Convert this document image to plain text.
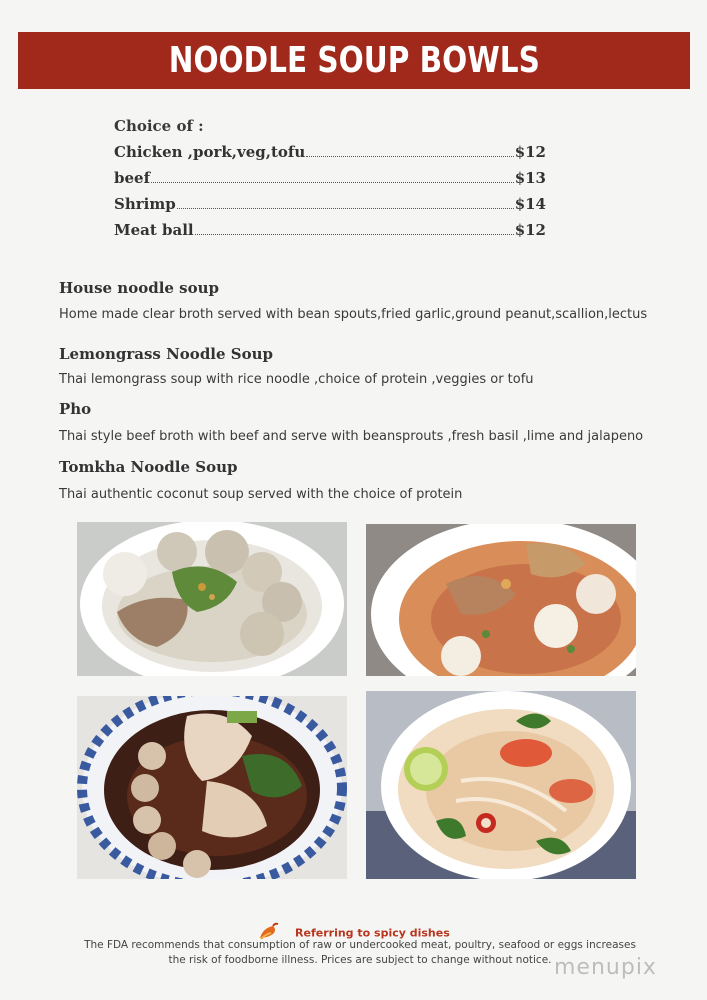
NOODLE SOUP BOWLS
Choice of :
Chicken ,pork,veg,tofu	$12
beef	$13
Shrimp	$14
Meat ball	$12
House noodle soup
Home made clear broth served with bean spouts,fried garlic,ground peanut,scallion,lectus
Lemongrass Noodle Soup
Thai lemongrass soup with rice noodle ,choice of protein ,veggies or tofu
Pho
Thai style beef broth with beef and serve with beansprouts ,fresh basil ,lime and jalapeno
Tomkha Noodle Soup
Thai authentic coconut soup served with the choice of protein
Referring to spicy dishes
The FDA recommends that consumption of raw or undercooked meat, poultry, seafood or eggs increases
the risk of foodborne illness. Prices are subject to change without notice. menupix
